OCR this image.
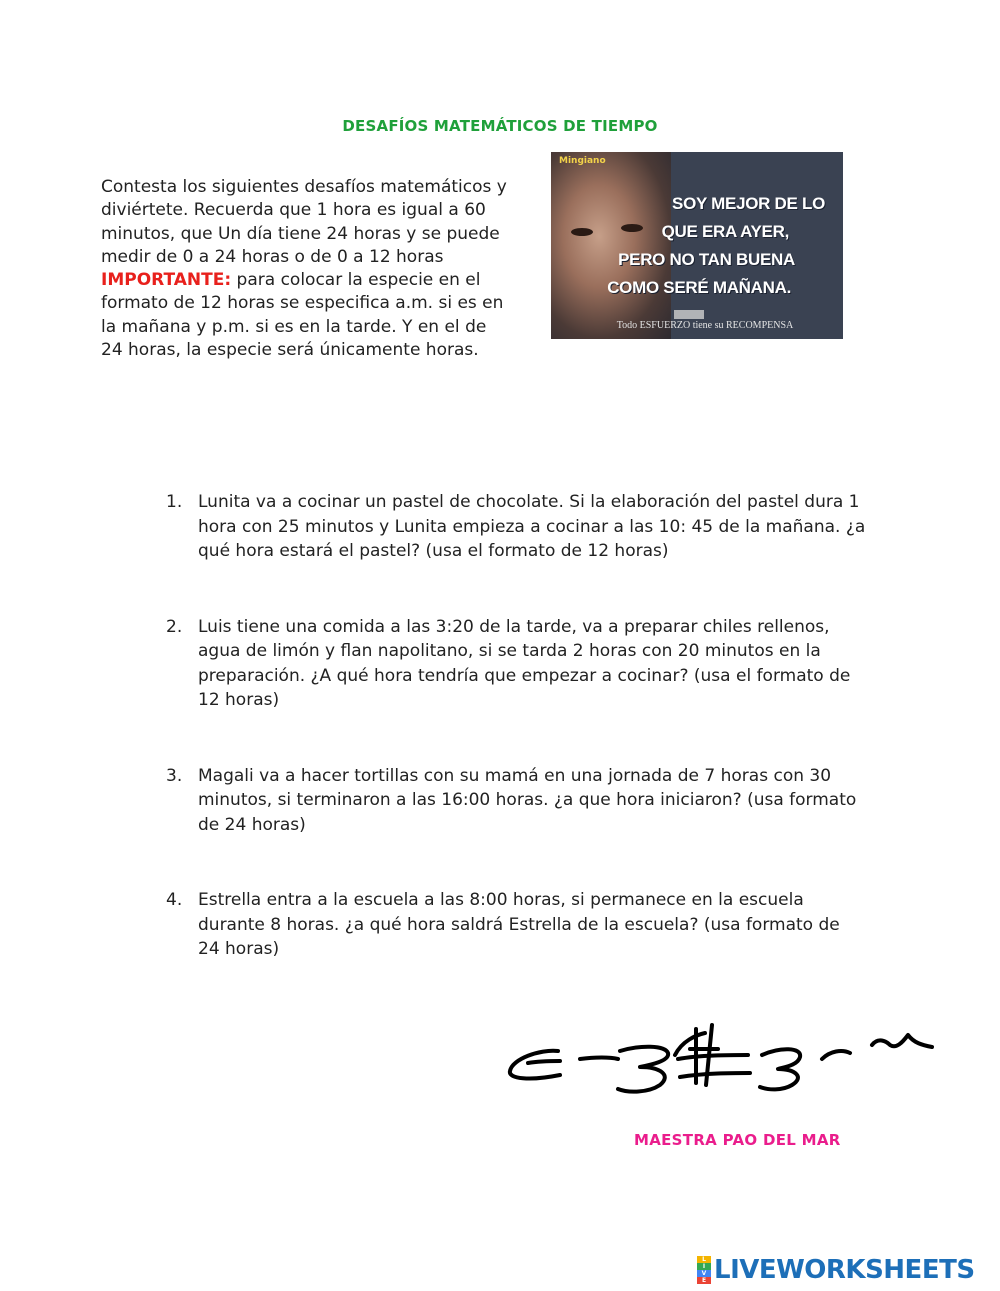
DESAFÍOS MATEMÁTICOS DE TIEMPO
Contesta los siguientes desafíos matemáticos y diviértete. Recuerda que 1 hora es igual a 60 minutos, que Un día tiene 24 horas y se puede medir de 0 a 24 horas o de 0 a 12 horas IMPORTANTE: para colocar la especie en el formato de 12 horas se especifica a.m. si es en la mañana y p.m. si es en la tarde. Y en el de 24 horas, la especie será únicamente horas.
Mingiano
SOY MEJOR DE LO
QUE ERA AYER,
PERO NO TAN BUENA
COMO SERÉ MAÑANA.
Todo ESFUERZO tiene su RECOMPENSA
1. Lunita va a cocinar un pastel de chocolate. Si la elaboración del pastel dura 1 hora con 25 minutos y Lunita empieza a cocinar a las 10: 45 de la mañana. ¿a qué hora estará el pastel? (usa el formato de 12 horas)
2. Luis tiene una comida a las 3:20 de la tarde, va a preparar chiles rellenos, agua de limón y flan napolitano, si se tarda 2 horas con 20 minutos en la preparación. ¿A qué hora tendría que empezar a cocinar? (usa el formato de 12 horas)
3. Magali va a hacer tortillas con su mamá en una jornada de 7 horas con 30 minutos, si terminaron a las 16:00 horas. ¿a que hora iniciaron? (usa formato de 24 horas)
4. Estrella entra a la escuela a las 8:00 horas, si permanece en la escuela durante 8 horas. ¿a qué hora saldrá Estrella de la escuela? (usa formato de 24 horas)
MAESTRA PAO DEL MAR
L
I
V
E LIVEWORKSHEETS
